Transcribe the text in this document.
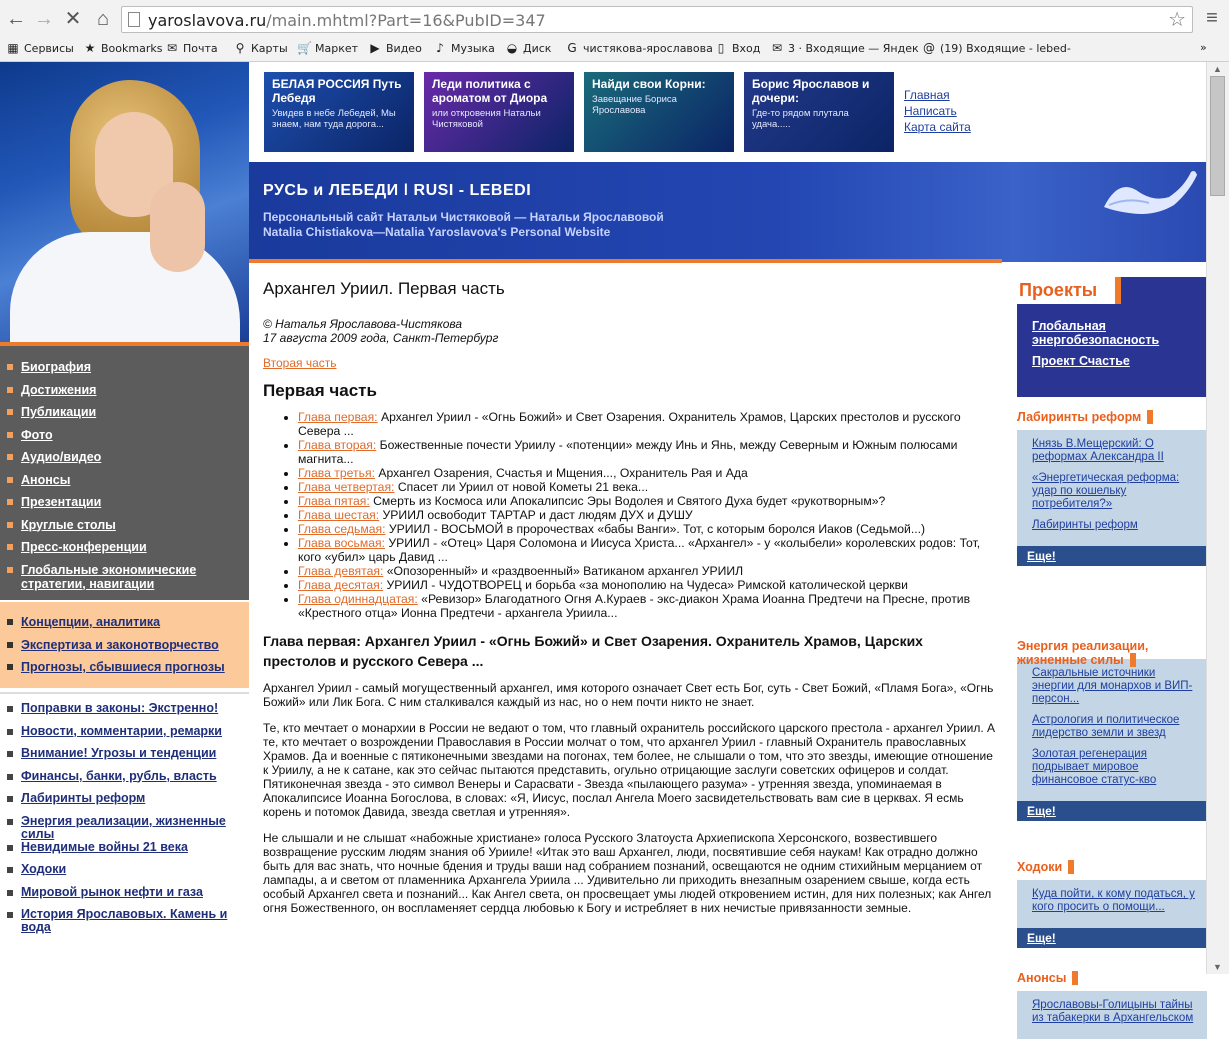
← → ✕ ⌂	yaroslavova.ru/main.mhtml?Part=16&PubID=347	☆	≡
▦ Сервисы ★ Bookmarks ✉ Почта ⚲ Карты 🛒 Маркет ▶ Видео ♪ Музыка ◒ Диск G чистякова-ярославова ▯ Вход ✉ 3 · Входящие — Яндек @ (19) Входящие - lebed-	»
Биография
Достижения
Публикации
Фото
Аудио/видео
Анонсы
Презентации
Круглые столы
Пресс-конференции
Глобальные экономические стратегии, навигации
Концепции, аналитика
Экспертиза и законотворчество
Прогнозы, сбывшиеся прогнозы
Поправки в законы: Экстренно!
Новости, комментарии, ремарки
Внимание! Угрозы и тенденции
Финансы, банки, рубль, власть
Лабиринты реформ
Энергия реализации, жизненные силы
Невидимые войны 21 века
Ходоки
Мировой рынок нефти и газа
История Ярославовых. Камень и вода
БЕЛАЯ РОССИЯ Путь Лебедя
Увидев в небе Лебедей, Мы знаем, нам туда дорога...
Леди политика с ароматом от Диора
или откровения Натальи Чистяковой
Найди свои Корни:
Завещание Бориса Ярославова
Борис Ярославов и дочери:
Где-то рядом плутала удача.....
Главная
Написать
Карта сайта
РУСЬ и ЛЕБЕДИ ǀ RUSI - LEBEDI
Персональный сайт Натальи Чистяковой — Натальи Ярославовой
Natalia Chistiakova—Natalia Yaroslavova's Personal Website
Архангел Уриил. Первая часть
© Наталья Ярославова-Чистякова
17 августа 2009 года, Санкт-Петербург
Вторая часть
Первая часть
• Глава первая: Архангел Уриил - «Огнь Божий» и Свет Озарения. Охранитель Храмов, Царских престолов и русского Севера ...
• Глава вторая: Божественные почести Уриилу - «потенции» между Инь и Янь, между Северным и Южным полюсами магнита...
• Глава третья: Архангел Озарения, Счастья и Мщения..., Охранитель Рая и Ада
• Глава четвертая: Спасет ли Уриил от новой Кометы 21 века...
• Глава пятая: Смерть из Космоса или Апокалипсис Эры Водолея и Святого Духа будет «рукотворным»?
• Глава шестая: УРИИЛ освободит ТАРТАР и даст людям ДУХ и ДУШУ
• Глава седьмая: УРИИЛ - ВОСЬМОЙ в пророчествах «бабы Ванги». Тот, с которым боролся Иаков (Седьмой...)
• Глава восьмая: УРИИЛ - «Отец» Царя Соломона и Иисуса Христа... «Архангел» - у «колыбели» королевских родов: Тот, кого «убил» царь Давид ...
• Глава девятая: «Опозоренный» и «раздвоенный» Ватиканом архангел УРИИЛ
• Глава десятая: УРИИЛ - ЧУДОТВОРЕЦ и борьба «за монополию на Чудеса» Римской католической церкви
• Глава одиннадцатая: «Ревизор» Благодатного Огня А.Кураев - экс-диакон Храма Иоанна Предтечи на Пресне, против «Крестного отца» Ионна Предтечи - архангела Уриила...
Глава первая: Архангел Уриил - «Огнь Божий» и Свет Озарения. Охранитель Храмов, Царских престолов и русского Севера ...

Архангел Уриил - самый могущественный архангел, имя которого означает Свет есть Бог, суть - Свет Божий, «Пламя Бога», «Огнь Божий» или Лик Бога. С ним сталкивался каждый из нас, но о нем почти никто не знает.

Те, кто мечтает о монархии в России не ведают о том, что главный охранитель российского царского престола - архангел Уриил. А те, кто мечтает о возрождении Православия в России молчат о том, что архангел Уриил - главный Охранитель православных Храмов. Да и военные с пятиконечными звездами на погонах, тем более, не слышали о том, что это звезды, имеющие отношение к Уриилу, а не к сатане, как это сейчас пытаются представить, огульно отрицающие заслуги советских офицеров и солдат. Пятиконечная звезда - это символ Венеры и Сарасвати - Звезда «пылающего разума» - утренняя звезда, упоминаемая в Апокалипсисе Иоанна Богослова, в словах: «Я, Иисус, послал Ангела Моего засвидетельствовать вам сие в церквах. Я есмь корень и потомок Давида, звезда светлая и утренняя».

Не слышали и не слышат «набожные христиане» голоса Русского Златоуста Архиепископа Херсонского, возвестившего возвращение русским людям знания об Уриилe! «Итак это ваш Архангел, люди, посвятившие себя наукам! Как отрадно должно быть для вас знать, что ночные бдения и труды ваши над собранием познаний, освещаются не одним стихийным мерцанием от лампады, а и светом от пламенника Архангела Уриила ... Удивительно ли приходить внезапным озарением свыше, когда есть особый Архангел света и познаний... Как Ангел света, он просвещает умы людей откровением истин, для них полезных; как Ангел огня Божественного, он воспламеняет сердца любовью к Богу и истребляет в них нечистые привязанности земные.

Проекты
Глобальная энергобезопасность
Проект Счастье
Лабиринты реформ
Князь В.Мещерский: О реформах Александра II
«Энергетическая реформа: удар по кошельку потребителя?»
Лабиринты реформ
Еще!
Энергия реализации, жизненные силы
Сакральные источники энергии для монархов и ВИП-персон...
Астрология и политическое лидерство земли и звезд
Золотая регенерация подрывает мировое финансовое статус-кво
Еще!
Ходоки
Куда пойти, к кому податься, у кого просить о помощи...
Еще!
Анонсы
Ярославовы-Голицыны тайны из табакерки в Архангельском
▲
▼
